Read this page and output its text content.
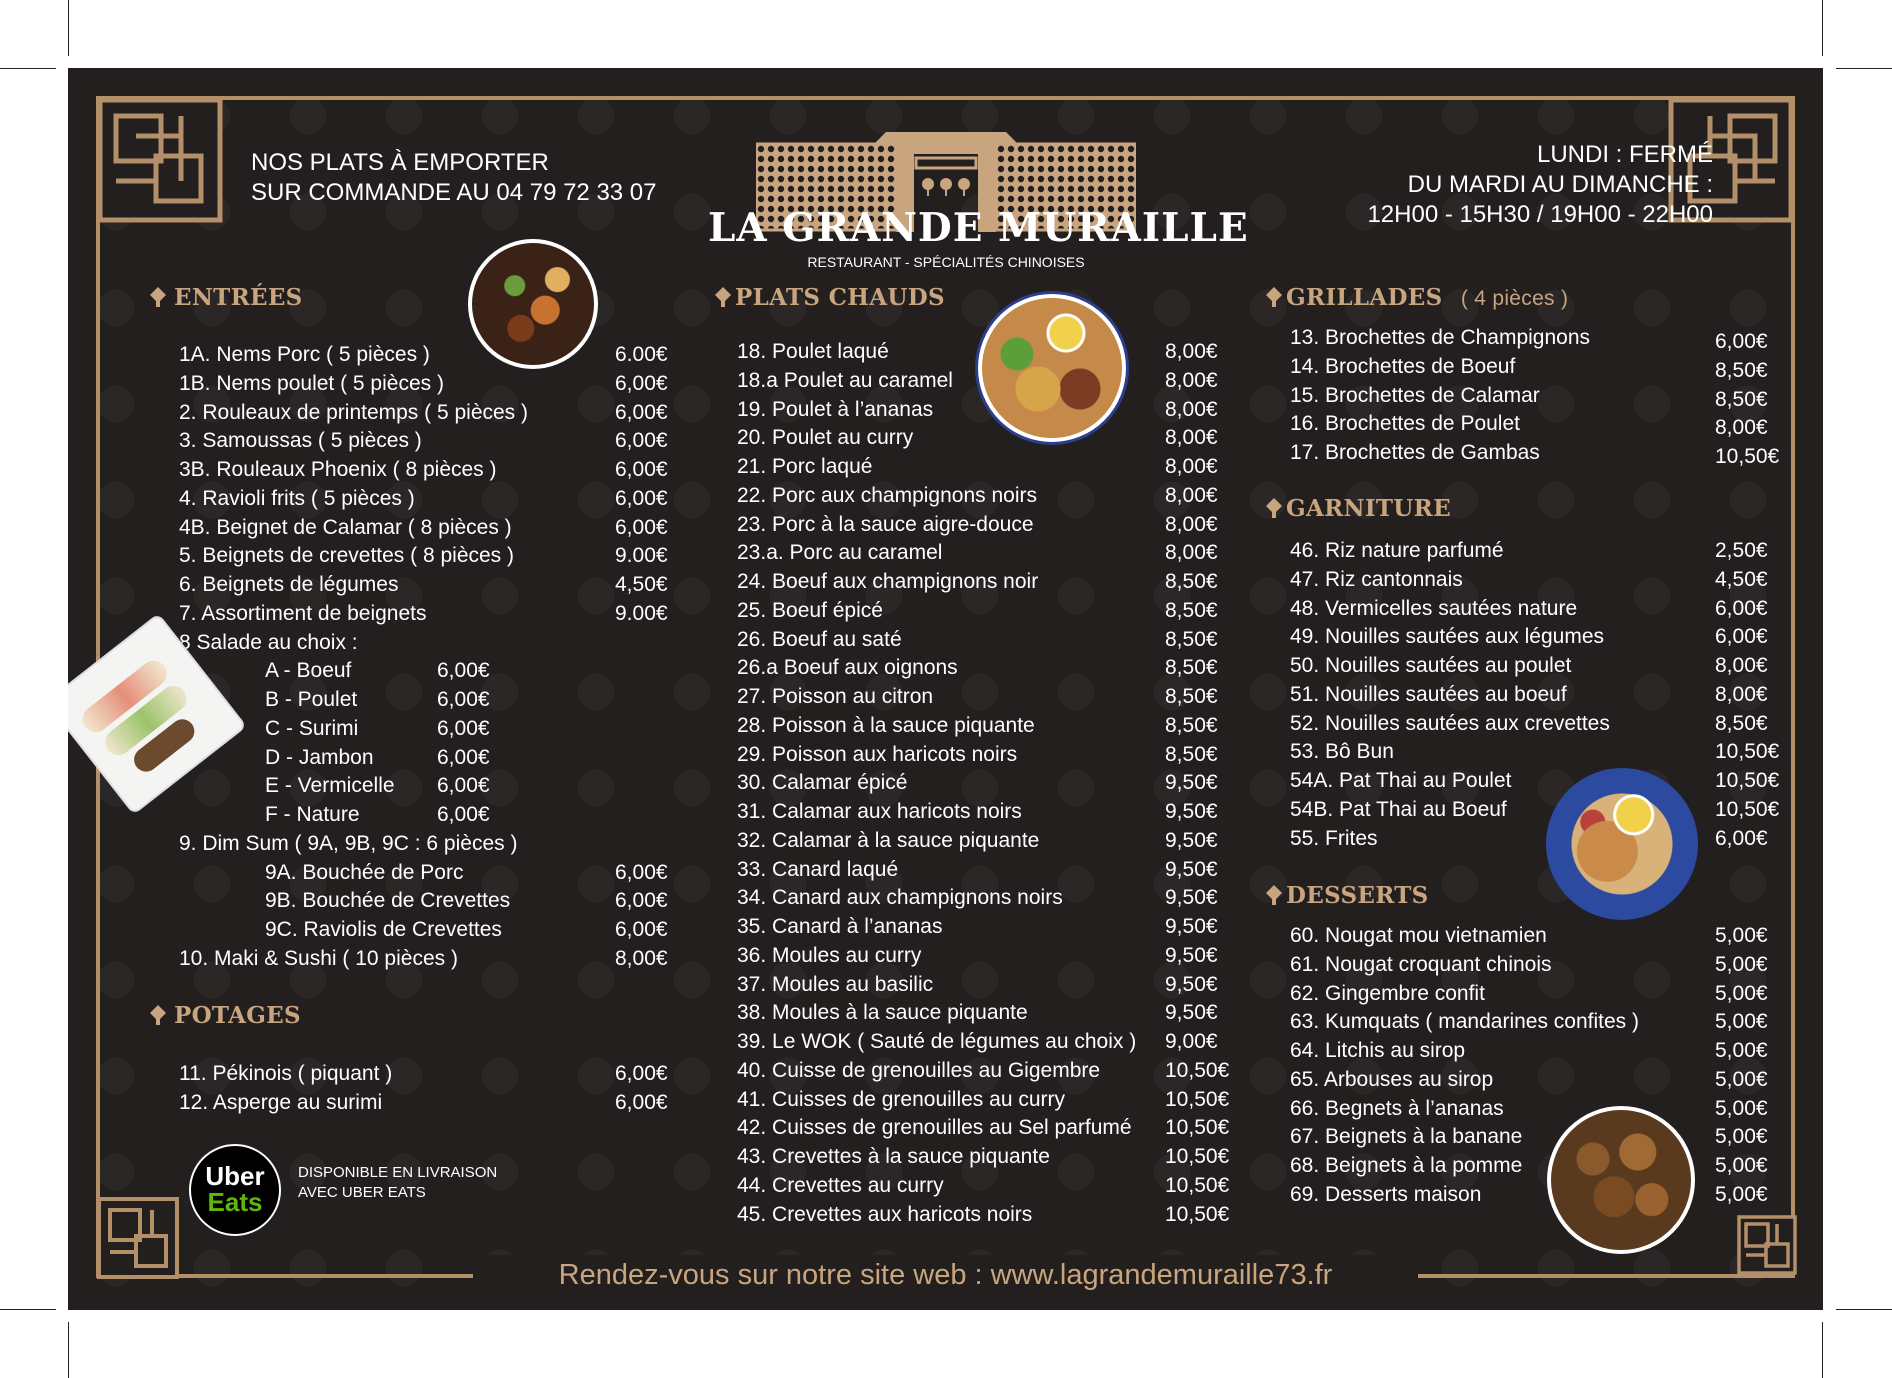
NOS PLATS À EMPORTER
SUR COMMANDE AU 04 79 72 33 07
LA GRANDE MURAILLE
RESTAURANT - SPÉCIALITÉS CHINOISES
LUNDI : FERMÉ
DU MARDI AU DIMANCHE :
12H00 - 15H30 / 19H00 - 22H00
ENTRÉES
1A. Nems Porc ( 5 pièces )	6.00€
1B. Nems poulet ( 5 pièces )	6,00€
2. Rouleaux de printemps ( 5 pièces )	6,00€
3. Samoussas ( 5 pièces )	6,00€
3B. Rouleaux Phoenix ( 8 pièces )	6,00€
4. Ravioli frits ( 5 pièces )	6,00€
4B. Beignet de Calamar ( 8 pièces )	6,00€
5. Beignets de crevettes ( 8 pièces )	9.00€
6. Beignets de légumes	4,50€
7. Assortiment de beignets	9.00€
8 Salade au choix :
A - Boeuf	6,00€
B - Poulet	6,00€
C - Surimi	6,00€
D - Jambon	6,00€
E - Vermicelle 6,00€
F - Nature	6,00€
9. Dim Sum ( 9A, 9B, 9C : 6 pièces )
9A. Bouchée de Porc	6,00€
9B. Bouchée de Crevettes	6,00€
9C. Raviolis de Crevettes	6,00€
10. Maki & Sushi ( 10 pièces )	8,00€
POTAGES
11. Pékinois ( piquant )	6,00€
12. Asperge au surimi	6,00€
Uber
Eats
DISPONIBLE EN LIVRAISON
AVEC UBER EATS
PLATS CHAUDS
18. Poulet laqué	8,00€
18.a Poulet au caramel	8,00€
19. Poulet à l’ananas	8,00€
20. Poulet au curry	8,00€
21. Porc laqué	8,00€
22. Porc aux champignons noirs	8,00€
23. Porc à la sauce aigre-douce	8,00€
23.a. Porc au caramel	8,00€
24. Boeuf aux champignons noir	8,50€
25. Boeuf épicé	8,50€
26. Boeuf au saté	8,50€
26.a Boeuf aux oignons	8,50€
27. Poisson au citron	8,50€
28. Poisson à la sauce piquante	8,50€
29. Poisson aux haricots noirs	8,50€
30. Calamar épicé	9,50€
31. Calamar aux haricots noirs	9,50€
32. Calamar à la sauce piquante	9,50€
33. Canard laqué	9,50€
34. Canard aux champignons noirs	9,50€
35. Canard à l’ananas	9,50€
36. Moules au curry	9,50€
37. Moules au basilic	9,50€
38. Moules à la sauce piquante	9,50€
39. Le WOK ( Sauté de légumes au choix ) 9,00€
40. Cuisse de grenouilles au Gigembre	10,50€
41. Cuisses de grenouilles au curry	10,50€
42. Cuisses de grenouilles au Sel parfumé 10,50€
43. Crevettes à la sauce piquante	10,50€
44. Crevettes au curry	10,50€
45. Crevettes aux haricots noirs	10,50€
GRILLADES ( 4 pièces )
13. Brochettes de Champignons	6,00€
14. Brochettes de Boeuf	8,50€
15. Brochettes de Calamar	8,50€
16. Brochettes de Poulet	8,00€
17. Brochettes de Gambas	10,50€
GARNITURE
46. Riz nature parfumé	2,50€
47. Riz cantonnais	4,50€
48. Vermicelles sautées nature	6,00€
49. Nouilles sautées aux légumes	6,00€
50. Nouilles sautées au poulet	8,00€
51. Nouilles sautées au boeuf	8,00€
52. Nouilles sautées aux crevettes	8,50€
53. Bô Bun	10,50€
54A. Pat Thai au Poulet	10,50€
54B. Pat Thai au Boeuf	10,50€
55. Frites	6,00€
DESSERTS
60. Nougat mou vietnamien	5,00€
61. Nougat croquant chinois	5,00€
62. Gingembre confit	5,00€
63. Kumquats ( mandarines confites )	5,00€
64. Litchis au sirop	5,00€
65. Arbouses au sirop	5,00€
66. Begnets à l’ananas	5,00€
67. Beignets à la banane	5,00€
68. Beignets à la pomme	5,00€
69. Desserts maison	5,00€
Rendez-vous sur notre site web : www.lagrandemuraille73.fr
